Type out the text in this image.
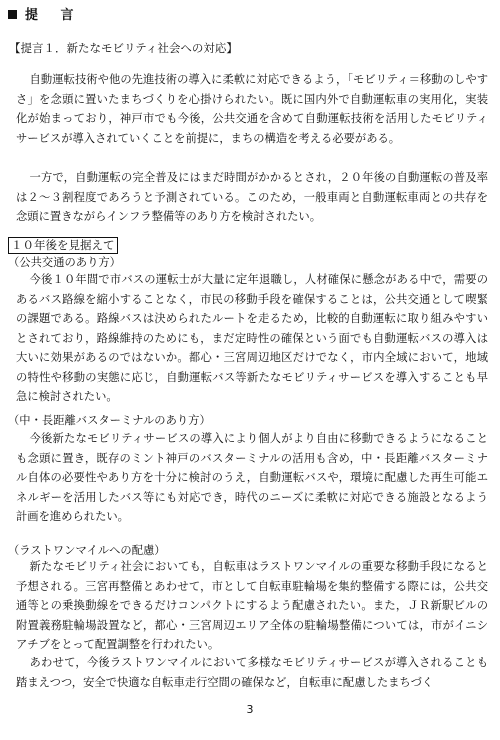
提 言
【提言１．新たなモビリティ社会への対応】

自動運転技術や他の先進技術の導入に柔軟に対応できるよう，「モビリティ＝移動のしやすさ」を念頭に置いたまちづくりを心掛けられたい。既に国内外で自動運転車の実用化，実装化が始まっており，神戸市でも今後，公共交通を含めて自動運転技術を活用したモビリティサービスが導入されていくことを前提に，まちの構造を考える必要がある。

一方で，自動運転の完全普及にはまだ時間がかかるとされ，２０年後の自動運転の普及率は２～３割程度であろうと予測されている。このため，一般車両と自動運転車両との共存を念頭に置きながらインフラ整備等のあり方を検討されたい。

１０年後を見据えて
（公共交通のあり方）

今後１０年間で市バスの運転士が大量に定年退職し，人材確保に懸念がある中で，需要のあるバス路線を縮小することなく，市民の移動手段を確保することは，公共交通として喫緊の課題である。路線バスは決められたルートを走るため，比較的自動運転に取り組みやすいとされており，路線維持のためにも，まだ定時性の確保という面でも自動運転バスの導入は大いに効果があるのではないか。都心・三宮周辺地区だけでなく，市内全域において，地域の特性や移動の実態に応じ，自動運転バス等新たなモビリティサービスを導入することも早急に検討されたい。

（中・長距離バスターミナルのあり方）

今後新たなモビリティサービスの導入により個人がより自由に移動できるようになることも念頭に置き，既存のミント神戸のバスターミナルの活用も含め，中・長距離バスターミナル自体の必要性やあり方を十分に検討のうえ，自動運転バスや，環境に配慮した再生可能エネルギーを活用したバス等にも対応でき，時代のニーズに柔軟に対応できる施設となるよう計画を進められたい。

（ラストワンマイルへの配慮）

新たなモビリティ社会においても，自転車はラストワンマイルの重要な移動手段になると予想される。三宮再整備とあわせて，市として自転車駐輪場を集約整備する際には，公共交通等との乗換動線をできるだけコンパクトにするよう配慮されたい。また，ＪＲ新駅ビルの附置義務駐輪場設置など，都心・三宮周辺エリア全体の駐輪場整備については，市がイニシアチブをとって配置調整を行われたい。

あわせて，今後ラストワンマイルにおいて多様なモビリティサービスが導入されることも踏まえつつ，安全で快適な自転車走行空間の確保など，自転車に配慮したまちづく

3
